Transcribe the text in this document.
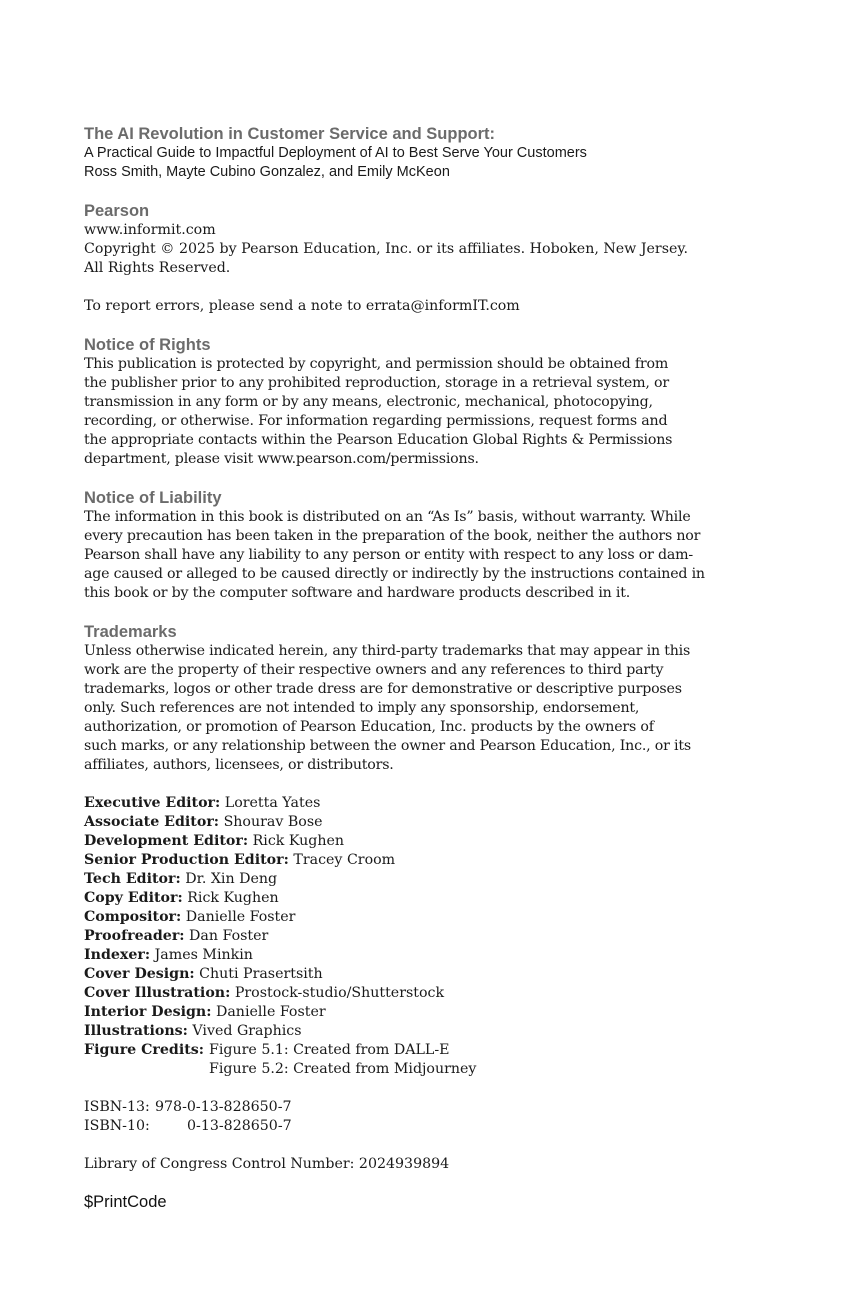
The AI Revolution in Customer Service and Support:
A Practical Guide to Impactful Deployment of AI to Best Serve Your Customers
Ross Smith, Mayte Cubino Gonzalez, and Emily McKeon
Pearson
www.informit.com
Copyright © 2025 by Pearson Education, Inc. or its affiliates. Hoboken, New Jersey.
All Rights Reserved.
To report errors, please send a note to errata@informIT.com
Notice of Rights

This publication is protected by copyright, and permission should be obtained from
the publisher prior to any prohibited reproduction, storage in a retrieval system, or
transmission in any form or by any means, electronic, mechanical, photocopying,
recording, or otherwise. For information regarding permissions, request forms and
the appropriate contacts within the Pearson Education Global Rights & Permissions
department, please visit www.pearson.com/permissions.

Notice of Liability

The information in this book is distributed on an “As Is” basis, without warranty. While
every precaution has been taken in the preparation of the book, neither the authors nor
Pearson shall have any liability to any person or entity with respect to any loss or dam-
age caused or alleged to be caused directly or indirectly by the instructions contained in
this book or by the computer software and hardware products described in it.

Trademarks

Unless otherwise indicated herein, any third-party trademarks that may appear in this
work are the property of their respective owners and any references to third party
trademarks, logos or other trade dress are for demonstrative or descriptive purposes
only. Such references are not intended to imply any sponsorship, endorsement,
authorization, or promotion of Pearson Education, Inc. products by the owners of
such marks, or any relationship between the owner and Pearson Education, Inc., or its
affiliates, authors, licensees, or distributors.

Executive Editor: Loretta Yates
Associate Editor: Shourav Bose
Development Editor: Rick Kughen
Senior Production Editor: Tracey Croom
Tech Editor: Dr. Xin Deng
Copy Editor: Rick Kughen
Compositor: Danielle Foster
Proofreader: Dan Foster
Indexer: James Minkin
Cover Design: Chuti Prasertsith
Cover Illustration: Prostock-studio/Shutterstock
Interior Design: Danielle Foster
Illustrations: Vived Graphics
Figure Credits: Figure 5.1: Created from DALL-E
Figure 5.2: Created from Midjourney
ISBN-13: 978-0-13-828650-7
ISBN-10:	0-13-828650-7
Library of Congress Control Number: 2024939894
$PrintCode
